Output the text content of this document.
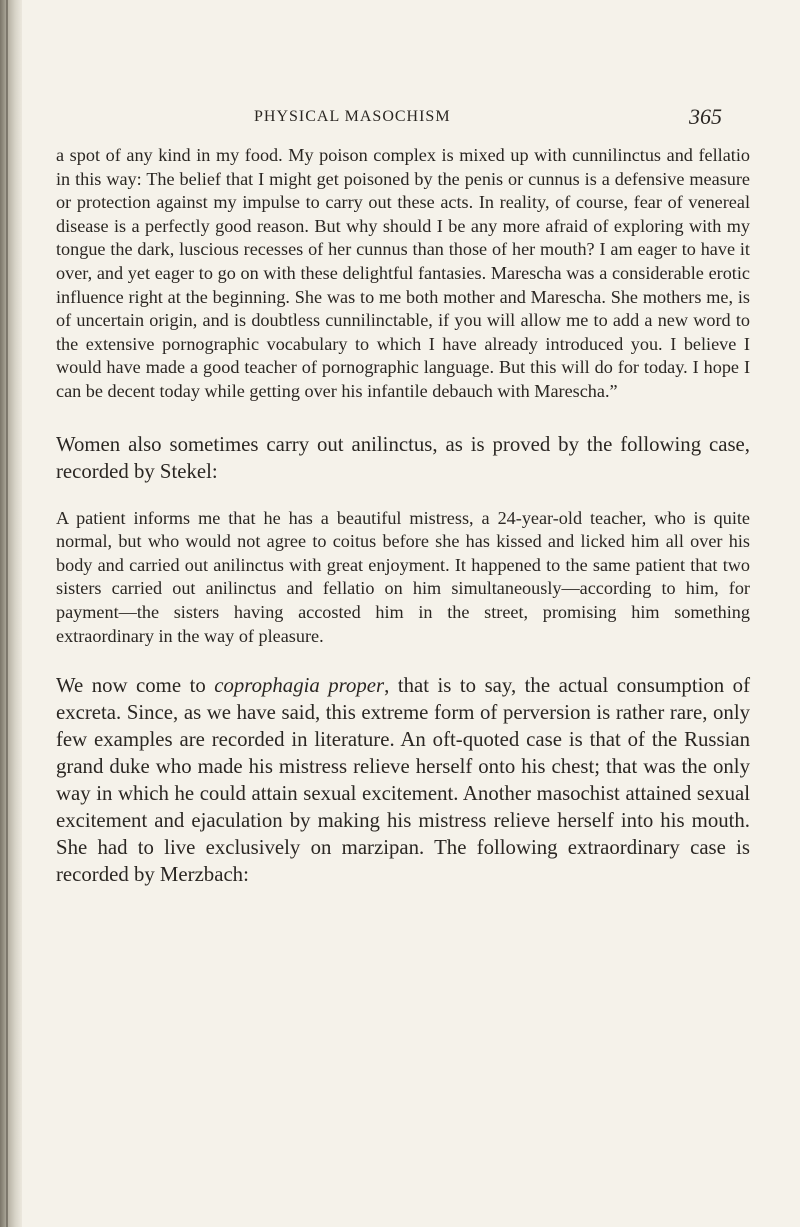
PHYSICAL MASOCHISM	365

a spot of any kind in my food. My poison complex is mixed up with cunnilinctus and fellatio in this way: The belief that I might get poisoned by the penis or cunnus is a defensive measure or protection against my impulse to carry out these acts. In reality, of course, fear of venereal disease is a perfectly good reason. But why should I be any more afraid of exploring with my tongue the dark, luscious recesses of her cunnus than those of her mouth? I am eager to have it over, and yet eager to go on with these delightful fantasies. Marescha was a considerable erotic influence right at the beginning. She was to me both mother and Marescha. She mothers me, is of uncertain origin, and is doubtless cunnilinctable, if you will allow me to add a new word to the extensive pornographic vocabulary to which I have already introduced you. I believe I would have made a good teacher of pornographic language. But this will do for today. I hope I can be decent today while getting over his infantile debauch with Marescha.”

Women also sometimes carry out anilinctus, as is proved by the following case, recorded by Stekel:

A patient informs me that he has a beautiful mistress, a 24-year-old teacher, who is quite normal, but who would not agree to coitus before she has kissed and licked him all over his body and carried out anilinctus with great enjoyment. It happened to the same patient that two sisters carried out anilinctus and fellatio on him simultaneously—according to him, for payment—the sisters having accosted him in the street, promising him something extraordinary in the way of pleasure.

We now come to coprophagia proper, that is to say, the actual consumption of excreta. Since, as we have said, this extreme form of perversion is rather rare, only few examples are recorded in literature. An oft-quoted case is that of the Russian grand duke who made his mistress relieve herself onto his chest; that was the only way in which he could attain sexual excitement. Another masochist attained sexual excitement and ejaculation by making his mistress relieve herself into his mouth. She had to live exclusively on marzipan. The following extraordinary case is recorded by Merzbach:
